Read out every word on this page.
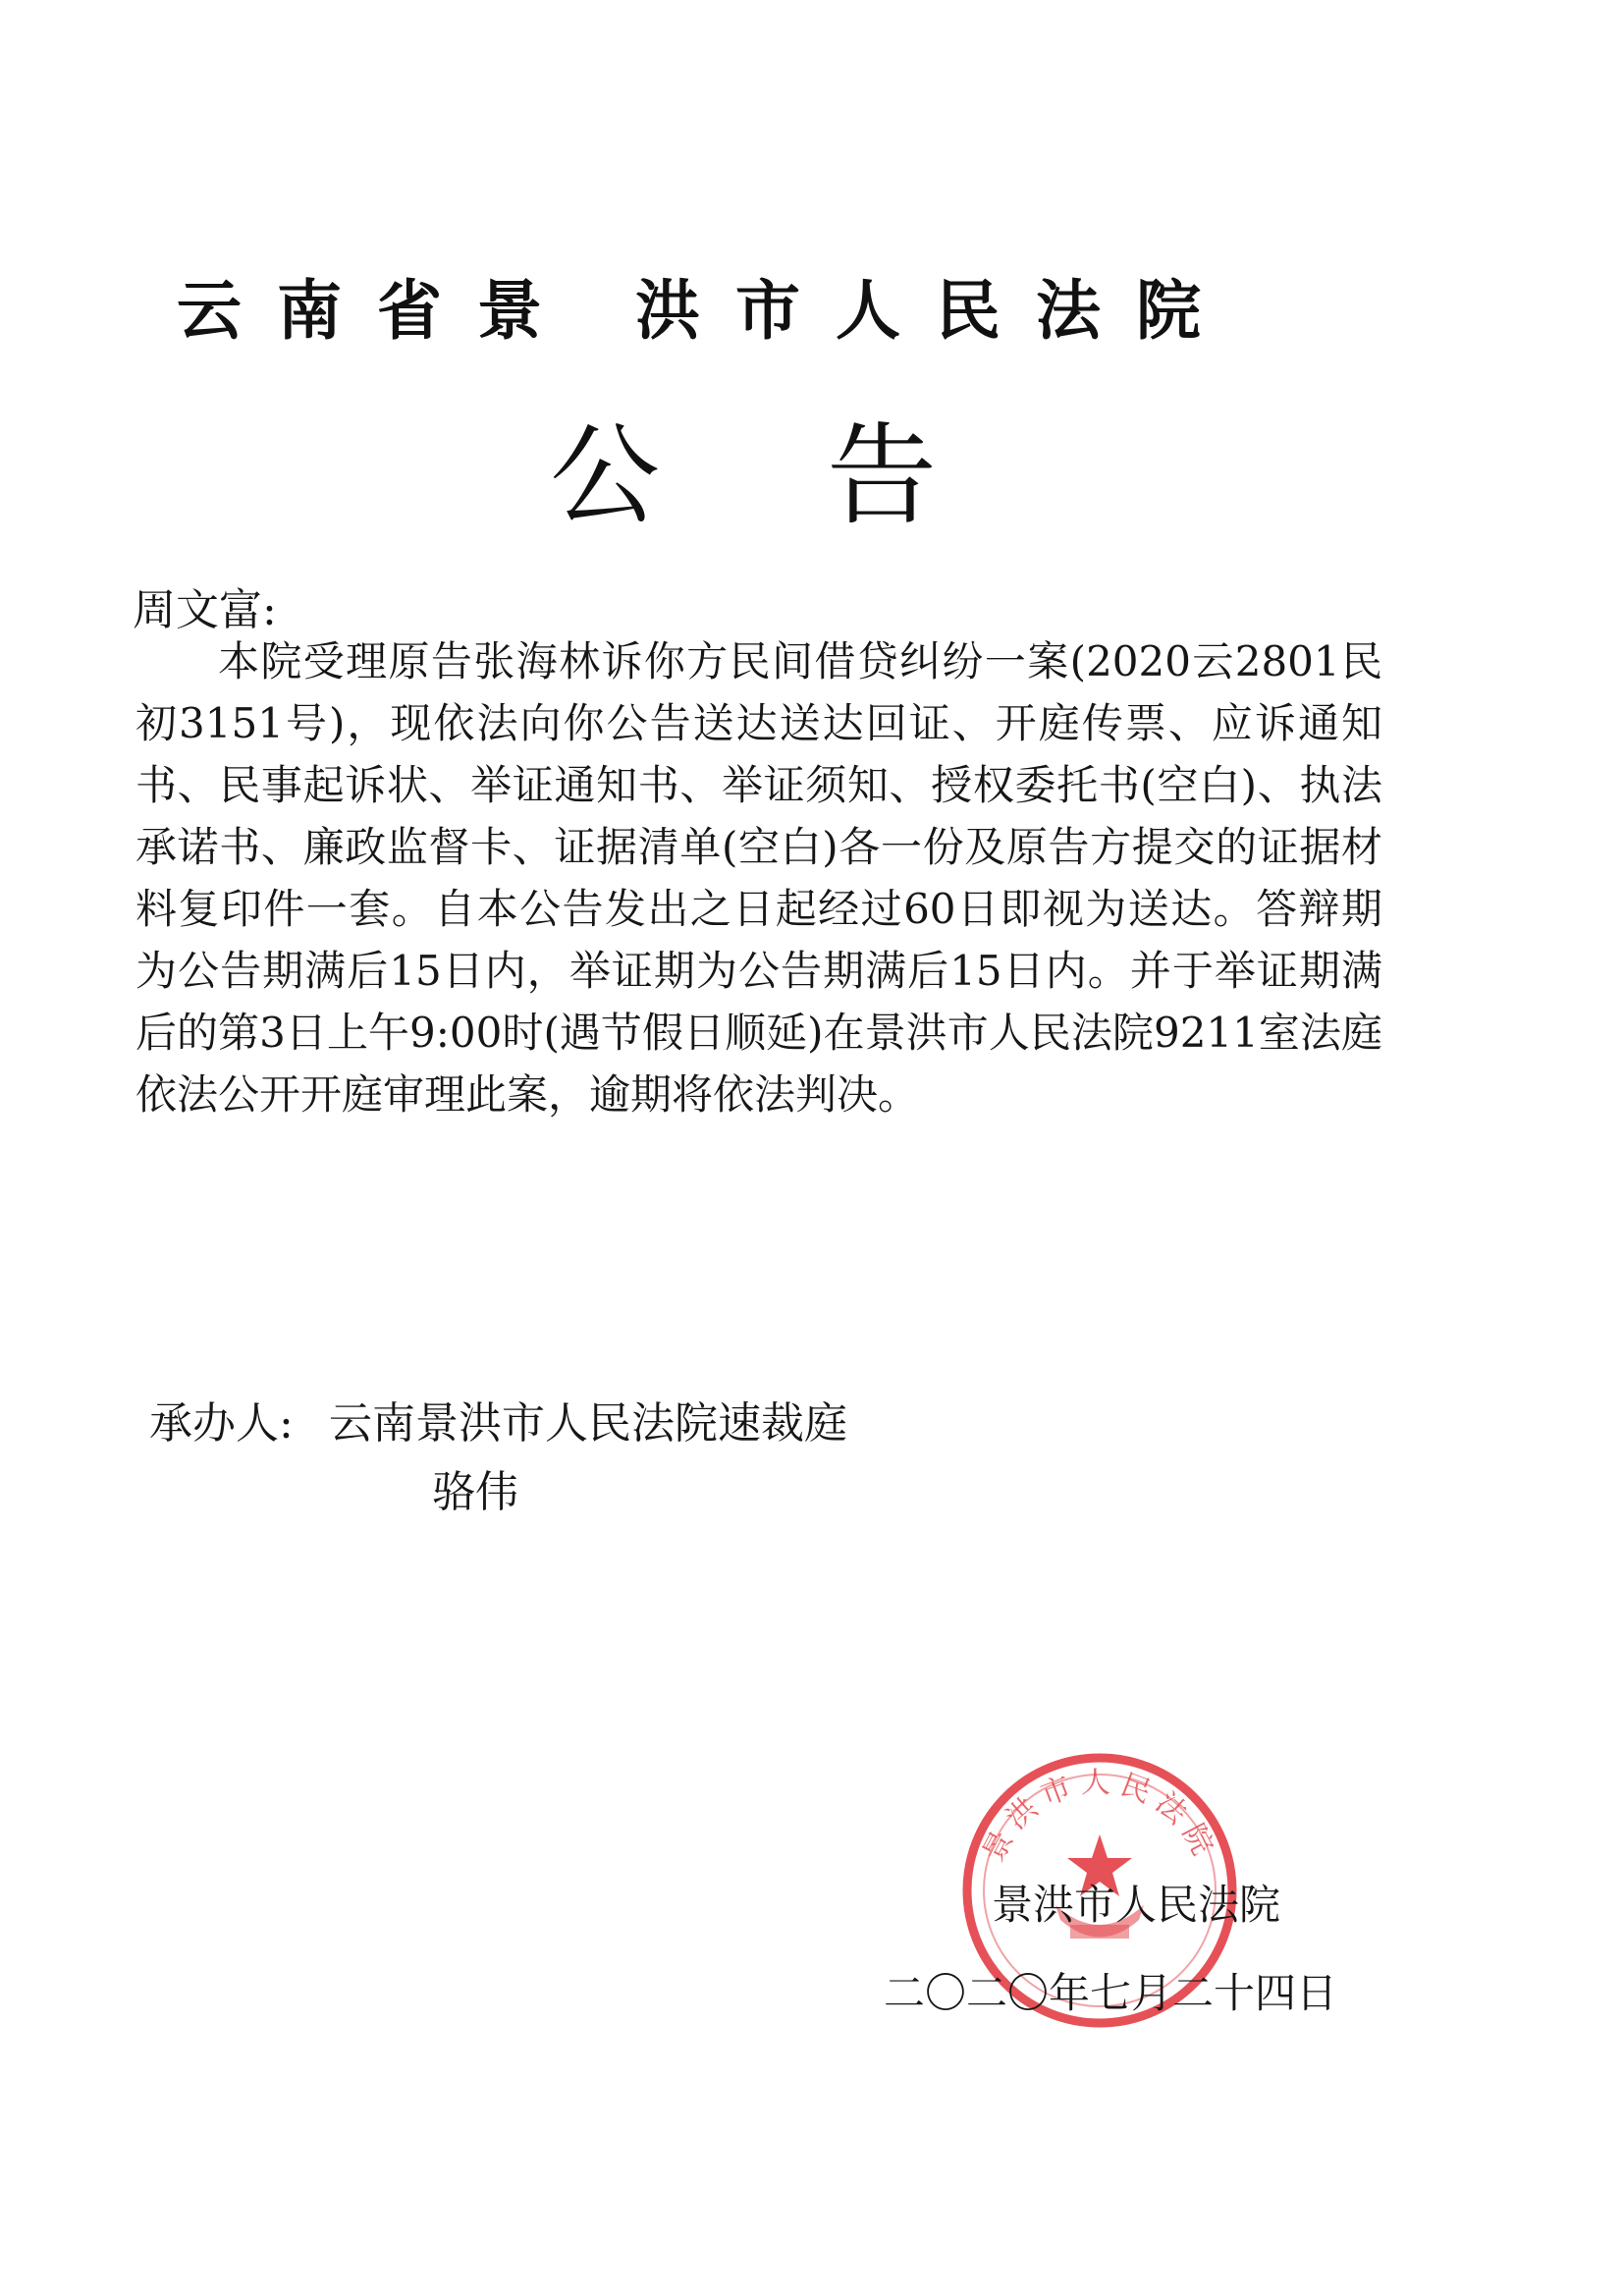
云南省景 洪市人民法院
公告
周文富:
本院受理原告张海林诉你方民间借贷纠纷一案(2020云2801民初3151号)，现依法向你公告送达送达回证、开庭传票、应诉通知书、民事起诉状、举证通知书、举证须知、授权委托书(空白)、执法承诺书、廉政监督卡、证据清单(空白)各一份及原告方提交的证据材料复印件一套。自本公告发出之日起经过60日即视为送达。答辩期为公告期满后15日内，举证期为公告期满后15日内。并于举证期满后的第3日上午9:00时(遇节假日顺延)在景洪市人民法院9211室法庭依法公开开庭审理此案，逾期将依法判决。
承办人: 云南景洪市人民法院速裁庭
骆伟
景洪市人民法院
景洪市人民法院
二〇二〇年七月二十四日
